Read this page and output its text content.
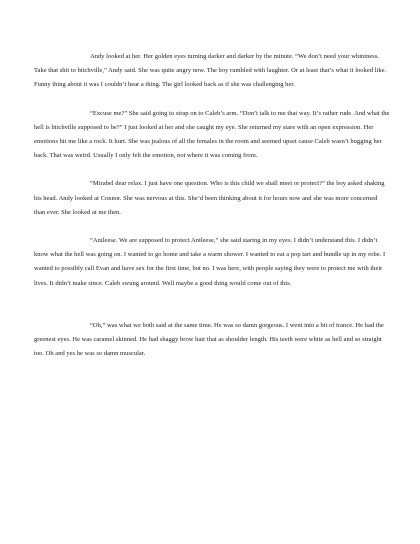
Andy looked at her. Her golden eyes turning darker and darker by the minute. “We don’t need your whininess. Take that shit to bitchville,” Andy said. She was quite angry now. The boy rumbled with laughter. Or at least that’s what it looked like. Funny thing about it was I couldn’t hear a thing. The girl looked back as if she was challenging her.

“Excuse me?” She said going to strap on to Caleb’s arm. “Don’t talk to me that way. It’s rather rude. And what the hell is bitchville supposed to be?” I just looked at her and she caught my eye. She returned my stare with an open expression. Her emotions hit me like a rock. It hurt. She was jealous of all the females in the room and seemed upset cause Caleb wasn’t hugging her back. That was weird. Usually I only felt the emotion, not where it was coming from.

“Mirabel dear relax. I just have one question. Who is this child we shall meet or protect?” the boy asked shaking his head. Andy looked at Connor. She was nervous at this. She’d been thinking about it for hours now and she was more concerned than ever. She looked at me then.

“Anileese. We are supposed to protect Anileese,” she said staring in my eyes. I didn’t understand this. I didn’t know what the hell was going on. I wanted to go home and take a warm shower. I wanted to eat a pop tart and bundle up in my robe. I wanted to possibly call Evan and have sex for the first time, but no. I was here, with people saying they were to protect me with their lives. It didn’t make since. Caleb swung around. Well maybe a good thing would come out of this.

“Oh,” was what we both said at the same time. He was so damn gorgeous. I went into a bit of trance. He had the greenest eyes. He was caramel skinned. He had shaggy brow hair that as shoulder length. His teeth were white as hell and so straight too. Oh and yes he was so damn muscular.
